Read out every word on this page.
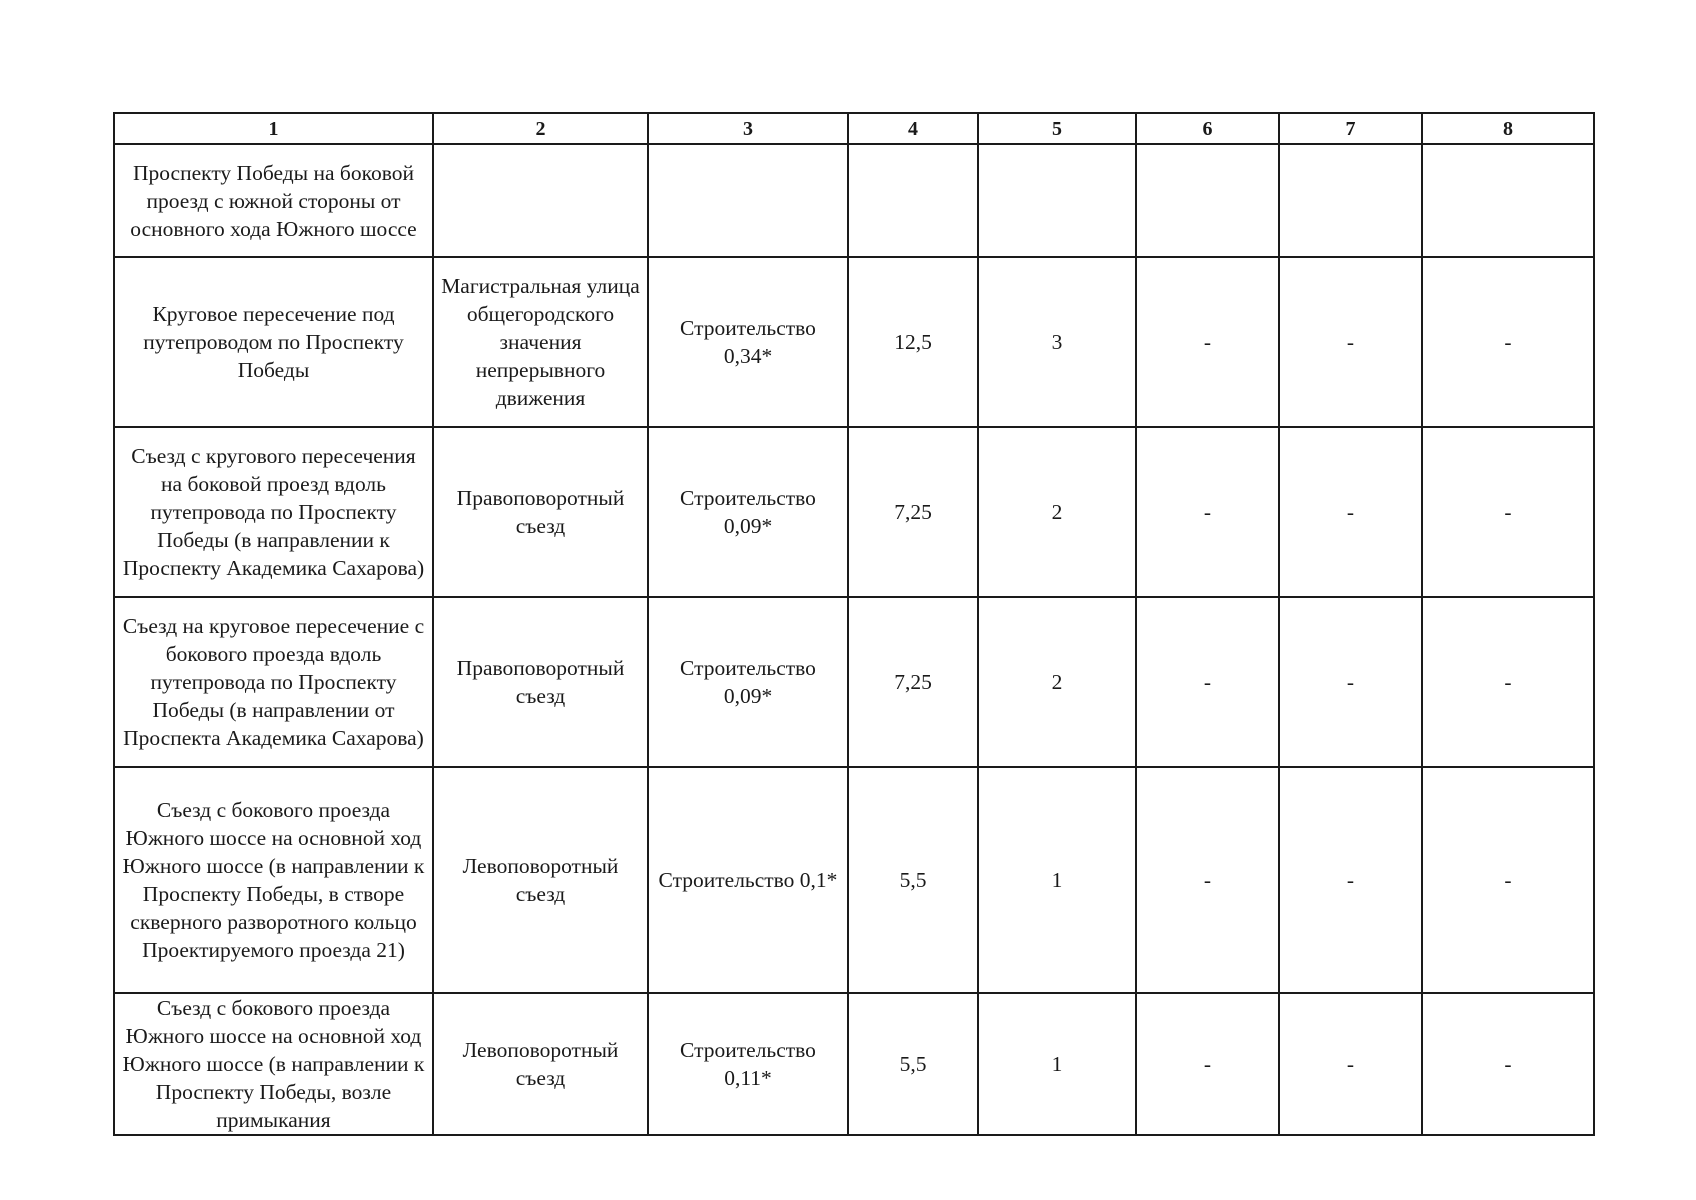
1	2	3	4	5	6	7	8

Проспекту Победы на боковой проезд с южной стороны от основного хода Южного шоссе							

Круговое пересечение под путепроводом по Проспекту Победы	Магистральная улица общегородского значения непрерывного движения	Строительство 0,34*	12,5	3	-	-	-

Съезд с кругового пересечения на боковой проезд вдоль путепровода по Проспекту Победы (в направлении к Проспекту Академика Сахарова)	Правоповоротный съезд	Строительство 0,09*	7,25	2	-	-	-

Съезд на круговое пересечение с бокового проезда вдоль путепровода по Проспекту Победы (в направлении от Проспекта Академика Сахарова)	Правоповоротный съезд	Строительство 0,09*	7,25	2	-	-	-

Съезд с бокового проезда Южного шоссе на основной ход Южного шоссе (в направлении к Проспекту Победы, в створе скверного разворотного кольцо Проектируемого проезда 21)	Левоповоротный съезд	Строительство 0,1*	5,5	1	-	-	-

Съезд с бокового проезда Южного шоссе на основной ход Южного шоссе (в направлении к Проспекту Победы, возле примыкания	Левоповоротный съезд	Строительство 0,11*	5,5	1	-	-	-
